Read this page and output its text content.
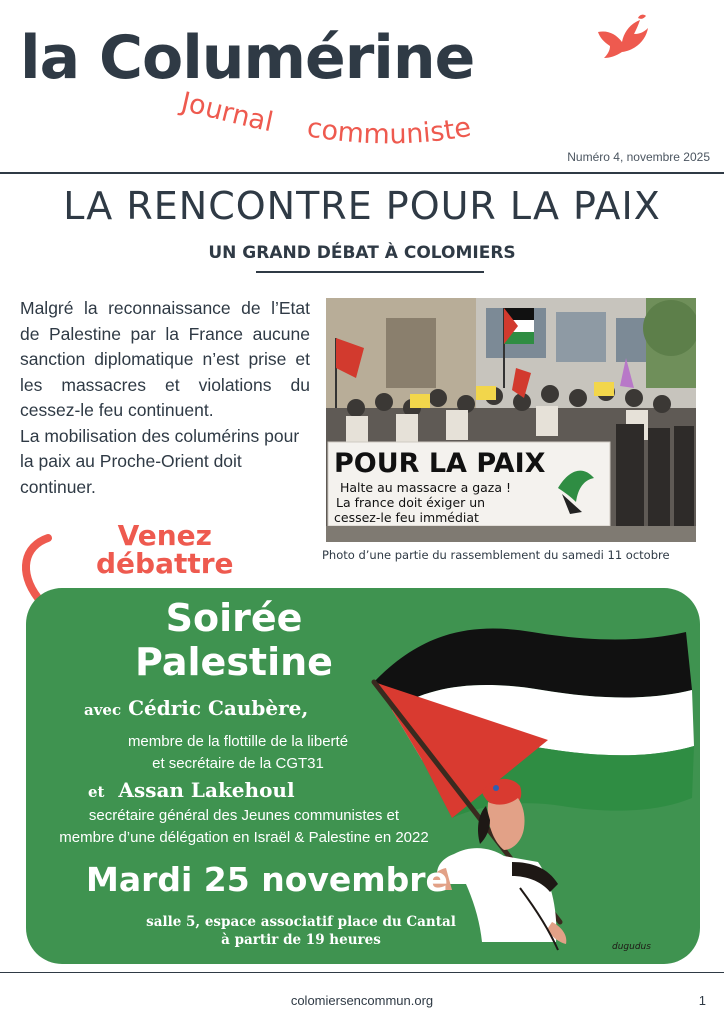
la Columérine
Journal communiste
Numéro 4, novembre 2025
LA RENCONTRE POUR LA PAIX
UN GRAND DÉBAT À COLOMIERS

Malgré la reconnaissance de l’Etat de Palestine par la France aucune sanction diplomatique n’est prise et les massacres et violations du cessez-le feu continuent.

La mobilisation des columérins pour la paix au Proche-Orient doit continuer.

POUR LA PAIX
Halte au massacre a gaza !
La france doit éxiger un
cessez-le feu immédiat
Photo d’une partie du rassemblement du samedi 11 octobre
Venez
débattre
dugudus
Soirée
Palestine
avec Cédric Caubère,
membre de la flottille de la liberté
et secrétaire de la CGT31
et Assan Lakehoul
secrétaire général des Jeunes communistes et
membre d’une délégation en Israël & Palestine en 2022
Mardi 25 novembre
salle 5, espace associatif place du Cantal
à partir de 19 heures
colomiersencommun.org	1
